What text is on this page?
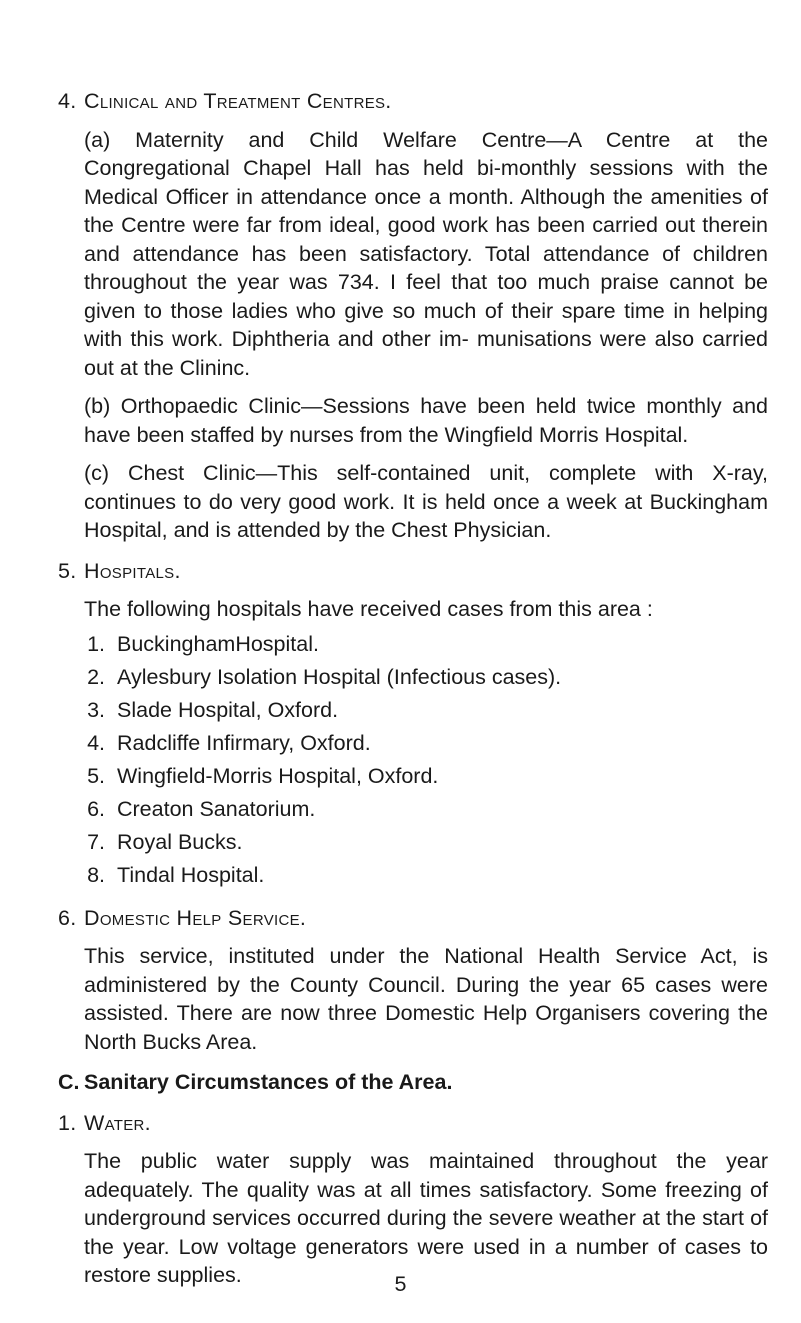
4. Clinical and Treatment Centres.

(a) Maternity and Child Welfare Centre—A Centre at the Congregational Chapel Hall has held bi-monthly sessions with the Medical Officer in attendance once a month. Although the amenities of the Centre were far from ideal, good work has been carried out therein and attendance has been satisfactory. Total attendance of children throughout the year was 734. I feel that too much praise cannot be given to those ladies who give so much of their spare time in helping with this work. Diphtheria and other im- munisations were also carried out at the Clininc.

(b) Orthopaedic Clinic—Sessions have been held twice monthly and have been staffed by nurses from the Wingfield Morris Hospital.

(c) Chest Clinic—This self-contained unit, complete with X-ray, continues to do very good work. It is held once a week at Buckingham Hospital, and is attended by the Chest Physician.

5. Hospitals.

The following hospitals have received cases from this area :

1. BuckinghamHospital.
2. Aylesbury Isolation Hospital (Infectious cases).
3. Slade Hospital, Oxford.
4. Radcliffe Infirmary, Oxford.
5. Wingfield-Morris Hospital, Oxford.
6. Creaton Sanatorium.
7. Royal Bucks.
8. Tindal Hospital.

6. Domestic Help Service.

This service, instituted under the National Health Service Act, is administered by the County Council. During the year 65 cases were assisted. There are now three Domestic Help Organisers covering the North Bucks Area.

C. Sanitary Circumstances of the Area.

1. Water.

The public water supply was maintained throughout the year adequately. The quality was at all times satisfactory. Some freezing of underground services occurred during the severe weather at the start of the year. Low voltage generators were used in a number of cases to restore supplies.	5
